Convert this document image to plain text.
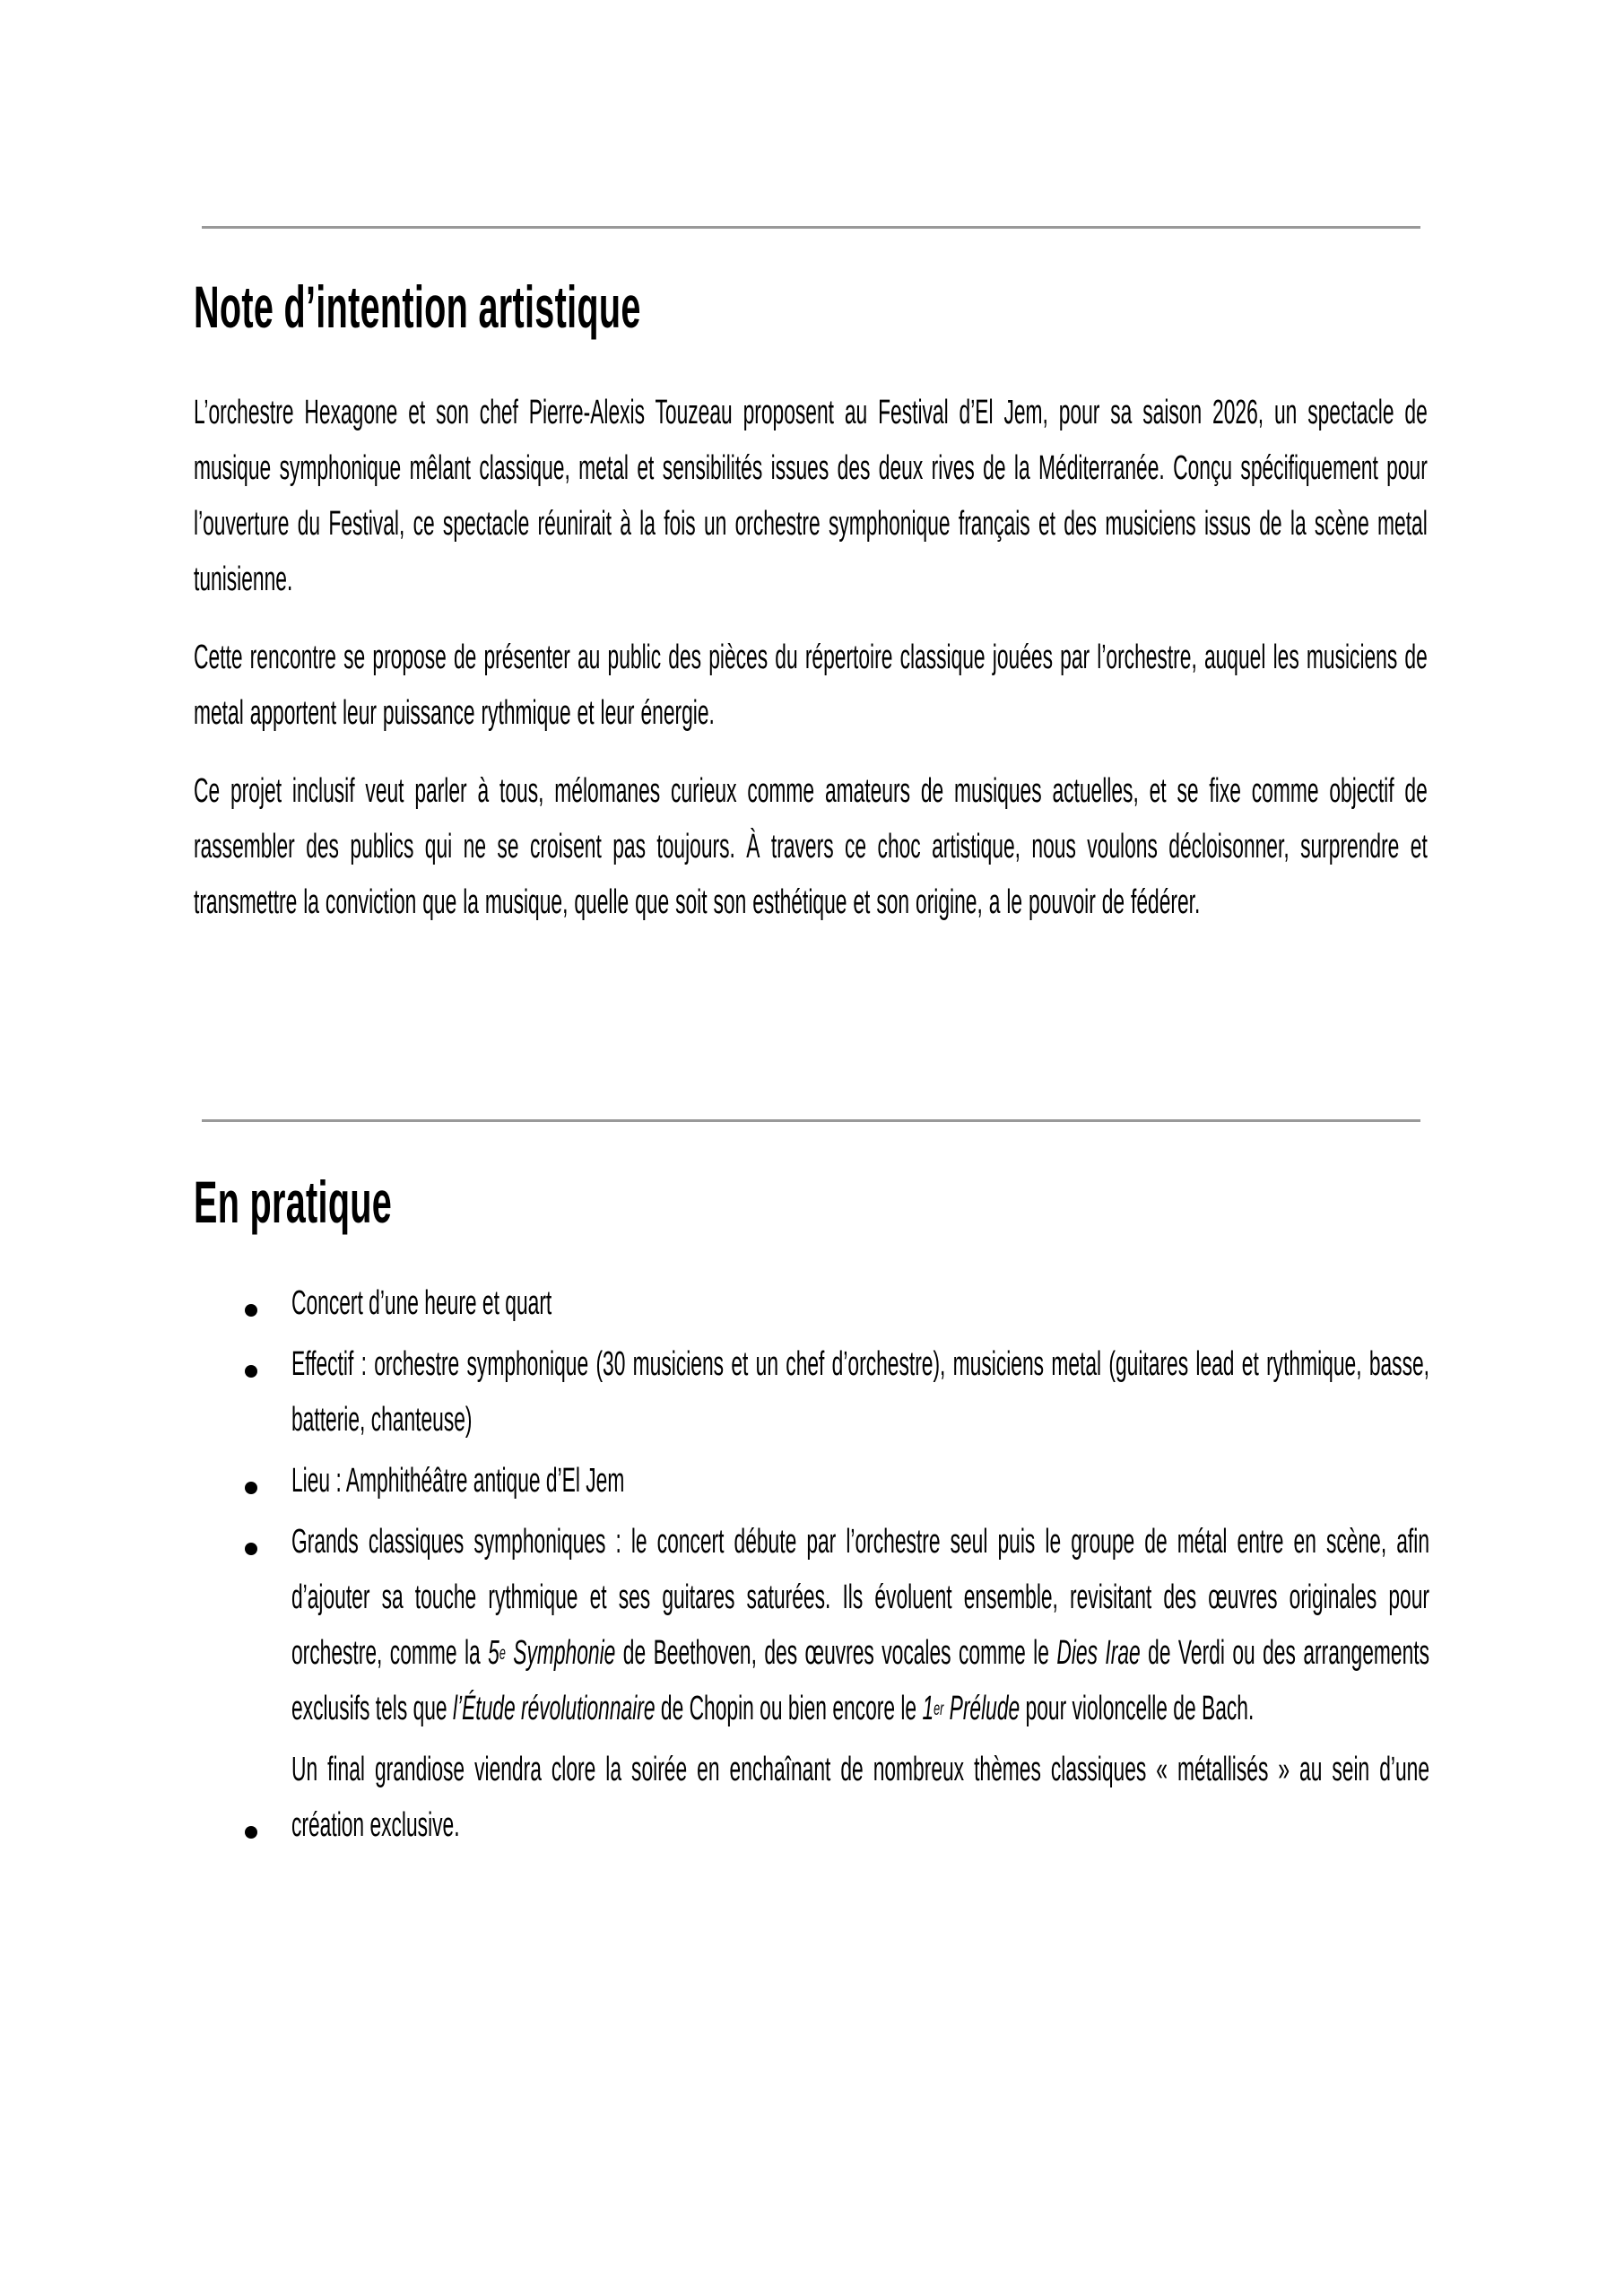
Note d’intention artistique

L’orchestre Hexagone et son chef Pierre-Alexis Touzeau proposent au Festival d’El Jem, pour sa saison 2026, un spectacle de musique symphonique mêlant classique, metal et sensibilités issues des deux rives de la Méditerranée. Conçu spécifiquement pour l’ouverture du Festival, ce spectacle réunirait à la fois un orchestre symphonique français et des musiciens issus de la scène metal tunisienne.

Cette rencontre se propose de présenter au public des pièces du répertoire classique jouées par l’orchestre, auquel les musiciens de metal apportent leur puissance rythmique et leur énergie.

Ce projet inclusif veut parler à tous, mélomanes curieux comme amateurs de musiques actuelles, et se fixe comme objectif de rassembler des publics qui ne se croisent pas toujours. À travers ce choc artistique, nous voulons décloisonner, surprendre et transmettre la conviction que la musique, quelle que soit son esthétique et son origine, a le pouvoir de fédérer.

En pratique
Concert d’une heure et quart
Effectif : orchestre symphonique (30 musiciens et un chef d’orchestre), musiciens metal (guitares lead et rythmique, basse, batterie, chanteuse)
Lieu : Amphithéâtre antique d’El Jem
Grands classiques symphoniques : le concert débute par l’orchestre seul puis le groupe de métal entre en scène, afin d’ajouter sa touche rythmique et ses guitares saturées. Ils évoluent ensemble, revisitant des œuvres originales pour orchestre, comme la 5e Symphonie de Beethoven, des œuvres vocales comme le Dies Irae de Verdi ou des arrangements exclusifs tels que l’Étude révolutionnaire de Chopin ou bien encore le 1er Prélude pour violoncelle de Bach.
Un final grandiose viendra clore la soirée en enchaînant de nombreux thèmes classiques « métallisés » au sein d’une création exclusive.
